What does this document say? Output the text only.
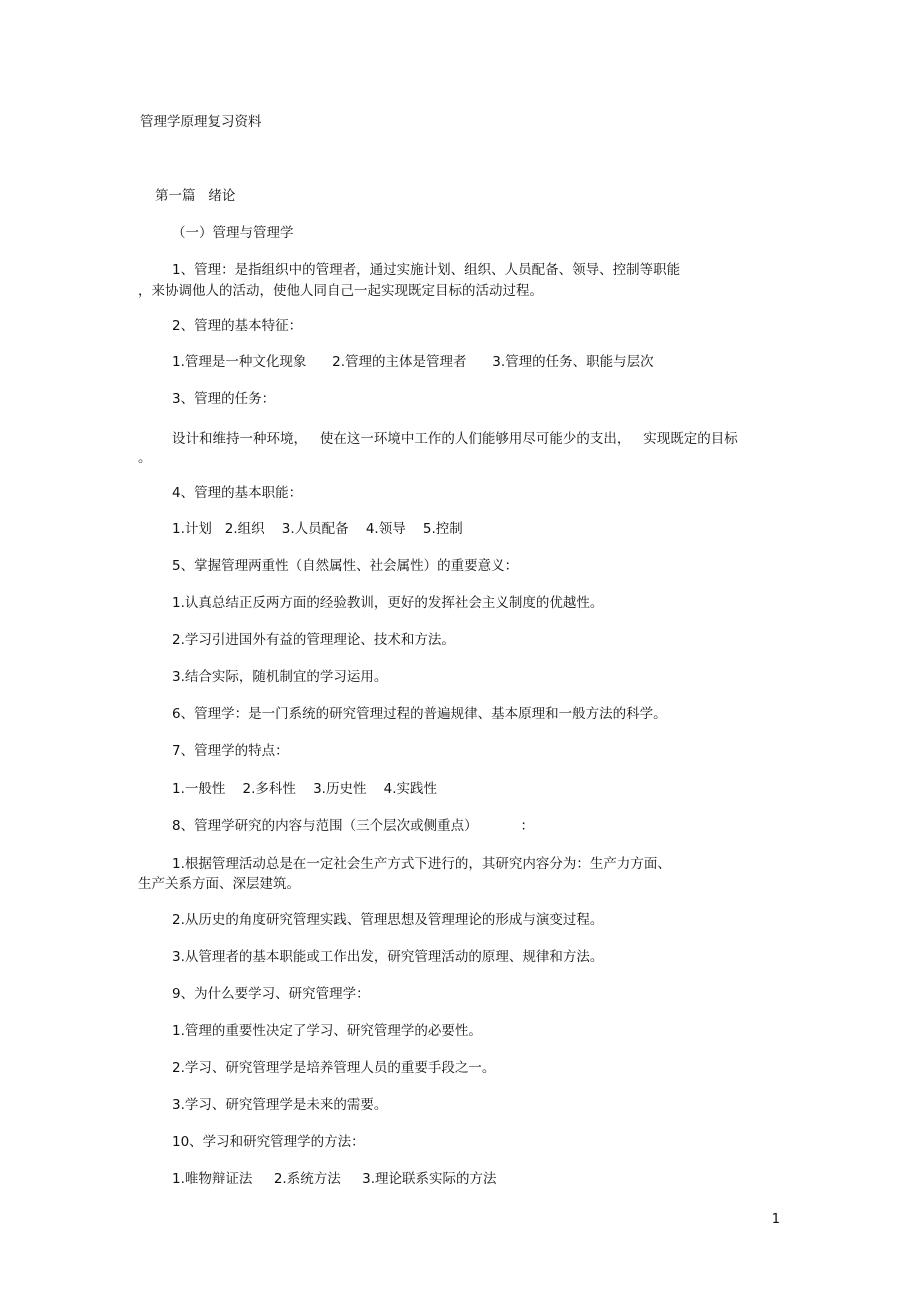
管理学原理复习资料
第一篇   绪论
（一）管理与管理学
1、管理：是指组织中的管理者，通过实施计划、组织、人员配备、领导、控制等职能
，来协调他人的活动，使他人同自己一起实现既定目标的活动过程。
2、管理的基本特征：
1.管理是一种文化现象      2.管理的主体是管理者      3.管理的任务、职能与层次
3、管理的任务：
设计和维持一种环境，   使在这一环境中工作的人们能够用尽可能少的支出，   实现既定的目标
。
4、管理的基本职能：
1.计划   2.组织    3.人员配备    4.领导    5.控制
5、掌握管理两重性（自然属性、社会属性）的重要意义：
1.认真总结正反两方面的经验教训，更好的发挥社会主义制度的优越性。
2.学习引进国外有益的管理理论、技术和方法。
3.结合实际，随机制宜的学习运用。
6、管理学：是一门系统的研究管理过程的普遍规律、基本原理和一般方法的科学。
7、管理学的特点：
1.一般性    2.多科性    3.历史性    4.实践性
8、管理学研究的内容与范围（三个层次或侧重点）          ：
1.根据管理活动总是在一定社会生产方式下进行的，其研究内容分为：生产力方面、
生产关系方面、深层建筑。
2.从历史的角度研究管理实践、管理思想及管理理论的形成与演变过程。
3.从管理者的基本职能或工作出发，研究管理活动的原理、规律和方法。
9、为什么要学习、研究管理学：
1.管理的重要性决定了学习、研究管理学的必要性。
2.学习、研究管理学是培养管理人员的重要手段之一。
3.学习、研究管理学是未来的需要。
10、学习和研究管理学的方法：
1.唯物辩证法     2.系统方法     3.理论联系实际的方法
1
